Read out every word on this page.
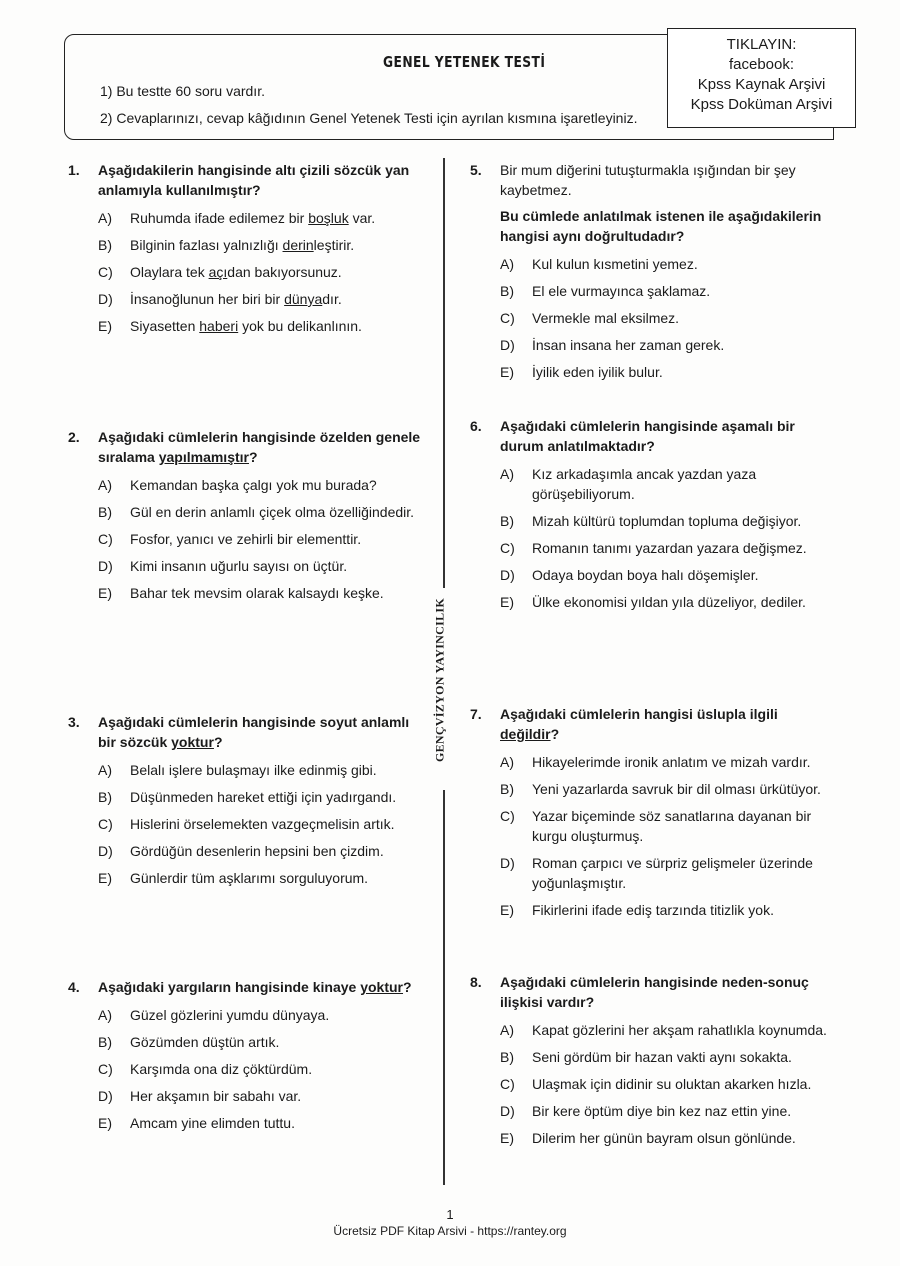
GENEL YETENEK TESTİ
1) Bu testte 60 soru vardır.
2) Cevaplarınızı, cevap kâğıdının Genel Yetenek Testi için ayrılan kısmına işaretleyiniz.
TIKLAYIN:
facebook:
Kpss Kaynak Arşivi
Kpss Doküman Arşivi
GENÇVİZYON YAYINCILIK
1.	Aşağıdakilerin hangisinde altı çizili sözcük yan anlamıyla kullanılmıştır?
A)	Ruhumda ifade edilemez bir boşluk var.
B)	Bilginin fazlası yalnızlığı derinleştirir.
C)	Olaylara tek açıdan bakıyorsunuz.
D)	İnsanoğlunun her biri bir dünyadır.
E)	Siyasetten haberi yok bu delikanlının.
2.	Aşağıdaki cümlelerin hangisinde özelden genele sıralama yapılmamıştır?
A)	Kemandan başka çalgı yok mu burada?
B)	Gül en derin anlamlı çiçek olma özelliğindedir.
C)	Fosfor, yanıcı ve zehirli bir elementtir.
D)	Kimi insanın uğurlu sayısı on üçtür.
E)	Bahar tek mevsim olarak kalsaydı keşke.
3.	Aşağıdaki cümlelerin hangisinde soyut anlamlı bir sözcük yoktur?
A)	Belalı işlere bulaşmayı ilke edinmiş gibi.
B)	Düşünmeden hareket ettiği için yadırgandı.
C)	Hislerini örselemekten vazgeçmelisin artık.
D)	Gördüğün desenlerin hepsini ben çizdim.
E)	Günlerdir tüm aşklarımı sorguluyorum.
4.	Aşağıdaki yargıların hangisinde kinaye yoktur?
A)	Güzel gözlerini yumdu dünyaya.
B)	Gözümden düştün artık.
C)	Karşımda ona diz çöktürdüm.
D)	Her akşamın bir sabahı var.
E)	Amcam yine elimden tuttu.
5.	Bir mum diğerini tutuşturmakla ışığından bir şey kaybetmez.
Bu cümlede anlatılmak istenen ile aşağıdakilerin hangisi aynı doğrultudadır?
A)	Kul kulun kısmetini yemez.
B)	El ele vurmayınca şaklamaz.
C)	Vermekle mal eksilmez.
D)	İnsan insana her zaman gerek.
E)	İyilik eden iyilik bulur.
6.	Aşağıdaki cümlelerin hangisinde aşamalı bir durum anlatılmaktadır?
A)	Kız arkadaşımla ancak yazdan yaza görüşebiliyorum.
B)	Mizah kültürü toplumdan topluma değişiyor.
C)	Romanın tanımı yazardan yazara değişmez.
D)	Odaya boydan boya halı döşemişler.
E)	Ülke ekonomisi yıldan yıla düzeliyor, dediler.
7.	Aşağıdaki cümlelerin hangisi üslupla ilgili değildir?
A)	Hikayelerimde ironik anlatım ve mizah vardır.
B)	Yeni yazarlarda savruk bir dil olması ürkütüyor.
C)	Yazar biçeminde söz sanatlarına dayanan bir kurgu oluşturmuş.
D)	Roman çarpıcı ve sürpriz gelişmeler üzerinde yoğunlaşmıştır.
E)	Fikirlerini ifade ediş tarzında titizlik yok.
8.	Aşağıdaki cümlelerin hangisinde neden-sonuç ilişkisi vardır?
A)	Kapat gözlerini her akşam rahatlıkla koynumda.
B)	Seni gördüm bir hazan vakti aynı sokakta.
C)	Ulaşmak için didinir su oluktan akarken hızla.
D)	Bir kere öptüm diye bin kez naz ettin yine.
E)	Dilerim her günün bayram olsun gönlünde.
1
Ücretsiz PDF Kitap Arsivi - https://rantey.org
